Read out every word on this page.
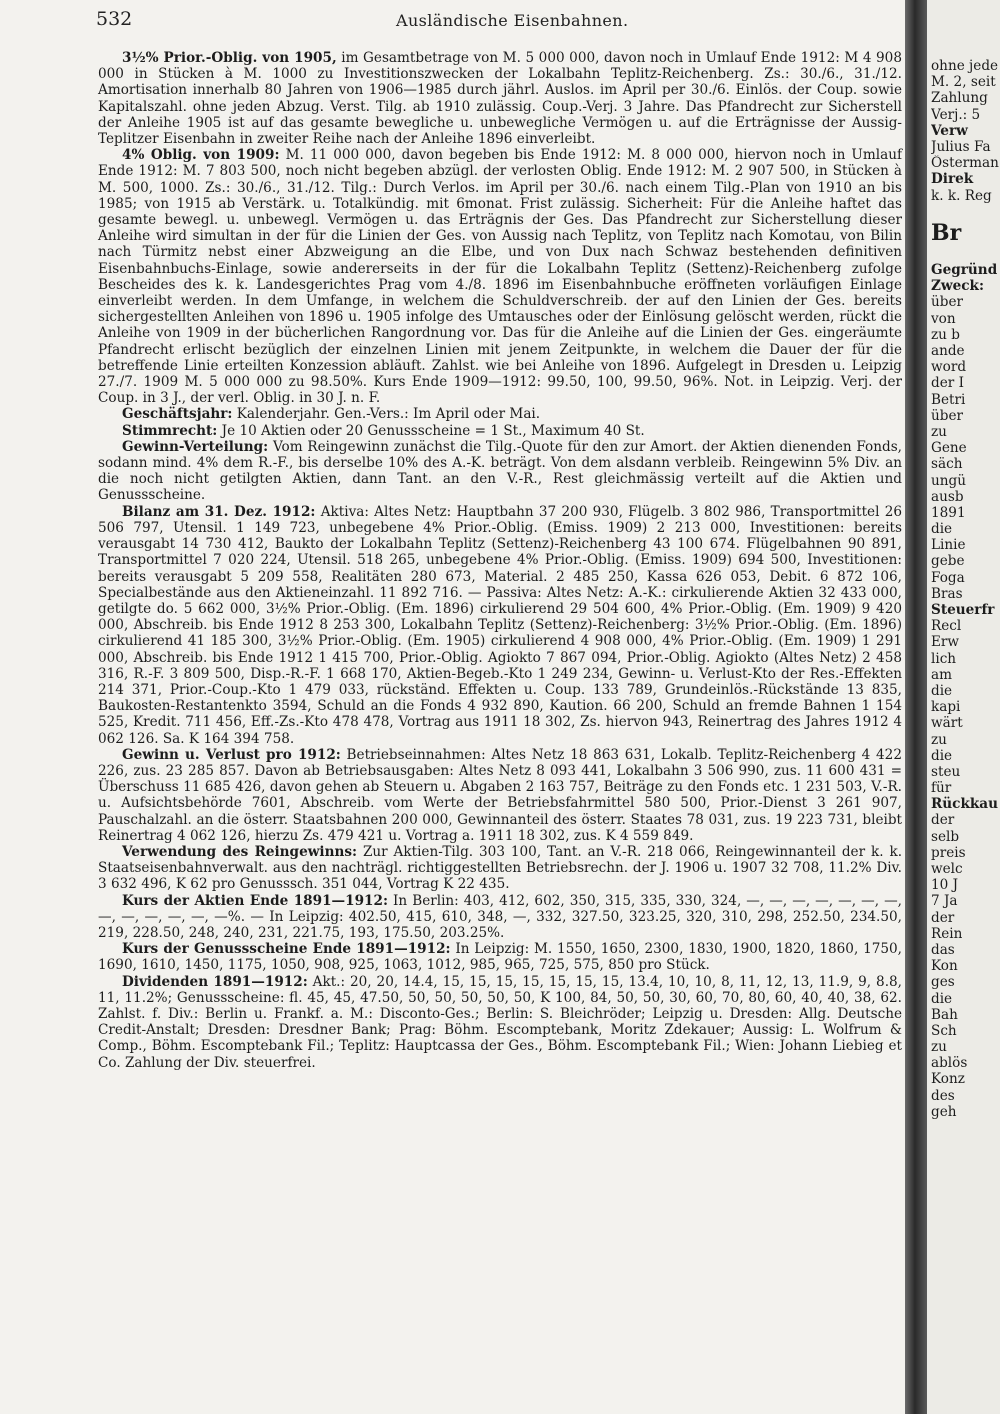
532	Ausländische Eisenbahnen.

3½% Prior.-Oblig. von 1905, im Gesamtbetrage von M. 5 000 000, davon noch in Umlauf Ende 1912: M 4 908 000 in Stücken à M. 1000 zu Investitionszwecken der Lokalbahn Teplitz-Reichenberg. Zs.: 30./6., 31./12. Amortisation innerhalb 80 Jahren von 1906—1985 durch jährl. Auslos. im April per 30./6. Einlös. der Coup. sowie Kapitalszahl. ohne jeden Abzug. Verst. Tilg. ab 1910 zulässig. Coup.-Verj. 3 Jahre. Das Pfandrecht zur Sicherstell der Anleihe 1905 ist auf das gesamte bewegliche u. unbewegliche Vermögen u. auf die Erträgnisse der Aussig-Teplitzer Eisenbahn in zweiter Reihe nach der Anleihe 1896 einverleibt.

4% Oblig. von 1909: M. 11 000 000, davon begeben bis Ende 1912: M. 8 000 000, hiervon noch in Umlauf Ende 1912: M. 7 803 500, noch nicht begeben abzügl. der verlosten Oblig. Ende 1912: M. 2 907 500, in Stücken à M. 500, 1000. Zs.: 30./6., 31./12. Tilg.: Durch Verlos. im April per 30./6. nach einem Tilg.-Plan von 1910 an bis 1985; von 1915 ab Verstärk. u. Totalkündig. mit 6monat. Frist zulässig. Sicherheit: Für die Anleihe haftet das gesamte bewegl. u. unbewegl. Vermögen u. das Erträgnis der Ges. Das Pfandrecht zur Sicherstellung dieser Anleihe wird simultan in der für die Linien der Ges. von Aussig nach Teplitz, von Teplitz nach Komotau, von Bilin nach Türmitz nebst einer Abzweigung an die Elbe, und von Dux nach Schwaz bestehenden definitiven Eisenbahnbuchs-Einlage, sowie andererseits in der für die Lokalbahn Teplitz (Settenz)-Reichenberg zufolge Bescheides des k. k. Landesgerichtes Prag vom 4./8. 1896 im Eisenbahnbuche eröffneten vorläufigen Einlage einverleibt werden. In dem Umfange, in welchem die Schuldverschreib. der auf den Linien der Ges. bereits sichergestellten Anleihen von 1896 u. 1905 infolge des Umtausches oder der Einlösung gelöscht werden, rückt die Anleihe von 1909 in der bücherlichen Rangordnung vor. Das für die Anleihe auf die Linien der Ges. eingeräumte Pfandrecht erlischt bezüglich der einzelnen Linien mit jenem Zeitpunkte, in welchem die Dauer der für die betreffende Linie erteilten Konzession abläuft. Zahlst. wie bei Anleihe von 1896. Aufgelegt in Dresden u. Leipzig 27./7. 1909 M. 5 000 000 zu 98.50%. Kurs Ende 1909—1912: 99.50, 100, 99.50, 96%. Not. in Leipzig. Verj. der Coup. in 3 J., der verl. Oblig. in 30 J. n. F.

Geschäftsjahr: Kalenderjahr. Gen.-Vers.: Im April oder Mai.

Stimmrecht: Je 10 Aktien oder 20 Genussscheine = 1 St., Maximum 40 St.

Gewinn-Verteilung: Vom Reingewinn zunächst die Tilg.-Quote für den zur Amort. der Aktien dienenden Fonds, sodann mind. 4% dem R.-F., bis derselbe 10% des A.-K. beträgt. Von dem alsdann verbleib. Reingewinn 5% Div. an die noch nicht getilgten Aktien, dann Tant. an den V.-R., Rest gleichmässig verteilt auf die Aktien und Genussscheine.

Bilanz am 31. Dez. 1912: Aktiva: Altes Netz: Hauptbahn 37 200 930, Flügelb. 3 802 986, Transportmittel 26 506 797, Utensil. 1 149 723, unbegebene 4% Prior.-Oblig. (Emiss. 1909) 2 213 000, Investitionen: bereits verausgabt 14 730 412, Baukto der Lokalbahn Teplitz (Settenz)-Reichenberg 43 100 674. Flügelbahnen 90 891, Transportmittel 7 020 224, Utensil. 518 265, unbegebene 4% Prior.-Oblig. (Emiss. 1909) 694 500, Investitionen: bereits verausgabt 5 209 558, Realitäten 280 673, Material. 2 485 250, Kassa 626 053, Debit. 6 872 106, Specialbestände aus den Aktieneinzahl. 11 892 716. — Passiva: Altes Netz: A.-K.: cirkulierende Aktien 32 433 000, getilgte do. 5 662 000, 3½% Prior.-Oblig. (Em. 1896) cirkulierend 29 504 600, 4% Prior.-Oblig. (Em. 1909) 9 420 000, Abschreib. bis Ende 1912 8 253 300, Lokalbahn Teplitz (Settenz)-Reichenberg: 3½% Prior.-Oblig. (Em. 1896) cirkulierend 41 185 300, 3½% Prior.-Oblig. (Em. 1905) cirkulierend 4 908 000, 4% Prior.-Oblig. (Em. 1909) 1 291 000, Abschreib. bis Ende 1912 1 415 700, Prior.-Oblig. Agiokto 7 867 094, Prior.-Oblig. Agiokto (Altes Netz) 2 458 316, R.-F. 3 809 500, Disp.-R.-F. 1 668 170, Aktien-Begeb.-Kto 1 249 234, Gewinn- u. Verlust-Kto der Res.-Effekten 214 371, Prior.-Coup.-Kto 1 479 033, rückständ. Effekten u. Coup. 133 789, Grundeinlös.-Rückstände 13 835, Baukosten-Restantenkto 3594, Schuld an die Fonds 4 932 890, Kaution. 66 200, Schuld an fremde Bahnen 1 154 525, Kredit. 711 456, Eff.-Zs.-Kto 478 478, Vortrag aus 1911 18 302, Zs. hiervon 943, Reinertrag des Jahres 1912 4 062 126. Sa. K 164 394 758.

Gewinn u. Verlust pro 1912: Betriebseinnahmen: Altes Netz 18 863 631, Lokalb. Teplitz-Reichenberg 4 422 226, zus. 23 285 857. Davon ab Betriebsausgaben: Altes Netz 8 093 441, Lokalbahn 3 506 990, zus. 11 600 431 = Überschuss 11 685 426, davon gehen ab Steuern u. Abgaben 2 163 757, Beiträge zu den Fonds etc. 1 231 503, V.-R. u. Aufsichtsbehörde 7601, Abschreib. vom Werte der Betriebsfahrmittel 580 500, Prior.-Dienst 3 261 907, Pauschalzahl. an die österr. Staatsbahnen 200 000, Gewinnanteil des österr. Staates 78 031, zus. 19 223 731, bleibt Reinertrag 4 062 126, hierzu Zs. 479 421 u. Vortrag a. 1911 18 302, zus. K 4 559 849.

Verwendung des Reingewinns: Zur Aktien-Tilg. 303 100, Tant. an V.-R. 218 066, Reingewinnanteil der k. k. Staatseisenbahnverwalt. aus den nachträgl. richtiggestellten Betriebsrechn. der J. 1906 u. 1907 32 708, 11.2% Div. 3 632 496, K 62 pro Genusssch. 351 044, Vortrag K 22 435.

Kurs der Aktien Ende 1891—1912: In Berlin: 403, 412, 602, 350, 315, 335, 330, 324, —, —, —, —, —, —, —, —, —, —, —, —, —%. — In Leipzig: 402.50, 415, 610, 348, —, 332, 327.50, 323.25, 320, 310, 298, 252.50, 234.50, 219, 228.50, 248, 240, 231, 221.75, 193, 175.50, 203.25%.

Kurs der Genussscheine Ende 1891—1912: In Leipzig: M. 1550, 1650, 2300, 1830, 1900, 1820, 1860, 1750, 1690, 1610, 1450, 1175, 1050, 908, 925, 1063, 1012, 985, 965, 725, 575, 850 pro Stück.

Dividenden 1891—1912: Akt.: 20, 20, 14.4, 15, 15, 15, 15, 15, 15, 15, 13.4, 10, 10, 8, 11, 12, 13, 11.9, 9, 8.8, 11, 11.2%; Genussscheine: fl. 45, 45, 47.50, 50, 50, 50, 50, 50, K 100, 84, 50, 50, 30, 60, 70, 80, 60, 40, 40, 38, 62. Zahlst. f. Div.: Berlin u. Frankf. a. M.: Disconto-Ges.; Berlin: S. Bleichröder; Leipzig u. Dresden: Allg. Deutsche Credit-Anstalt; Dresden: Dresdner Bank; Prag: Böhm. Escomptebank, Moritz Zdekauer; Aussig: L. Wolfrum & Comp., Böhm. Escomptebank Fil.; Teplitz: Hauptcassa der Ges., Böhm. Escomptebank Fil.; Wien: Johann Liebieg et Co. Zahlung der Div. steuerfrei.

ohne jede
M. 2, seit
Zahlung
Verj.: 5
Verw
Julius Fa
Österman
Direk
k. k. Reg
Br
Gegründ
Zweck:
über
von
zu b
ande
word
der I
Betri
über
zu
Gene
säch
ungü
ausb
1891
die
Linie
gebe
Foga
Bras
Steuerfr
Recl
Erw
lich
am
die
kapi
wärt
zu
die
steu
für
Rückkau
der
selb
preis
welc
10 J
7 Ja
der
Rein
das
Kon
ges
die
Bah
Sch
zu
ablös
Konz
des
geh
